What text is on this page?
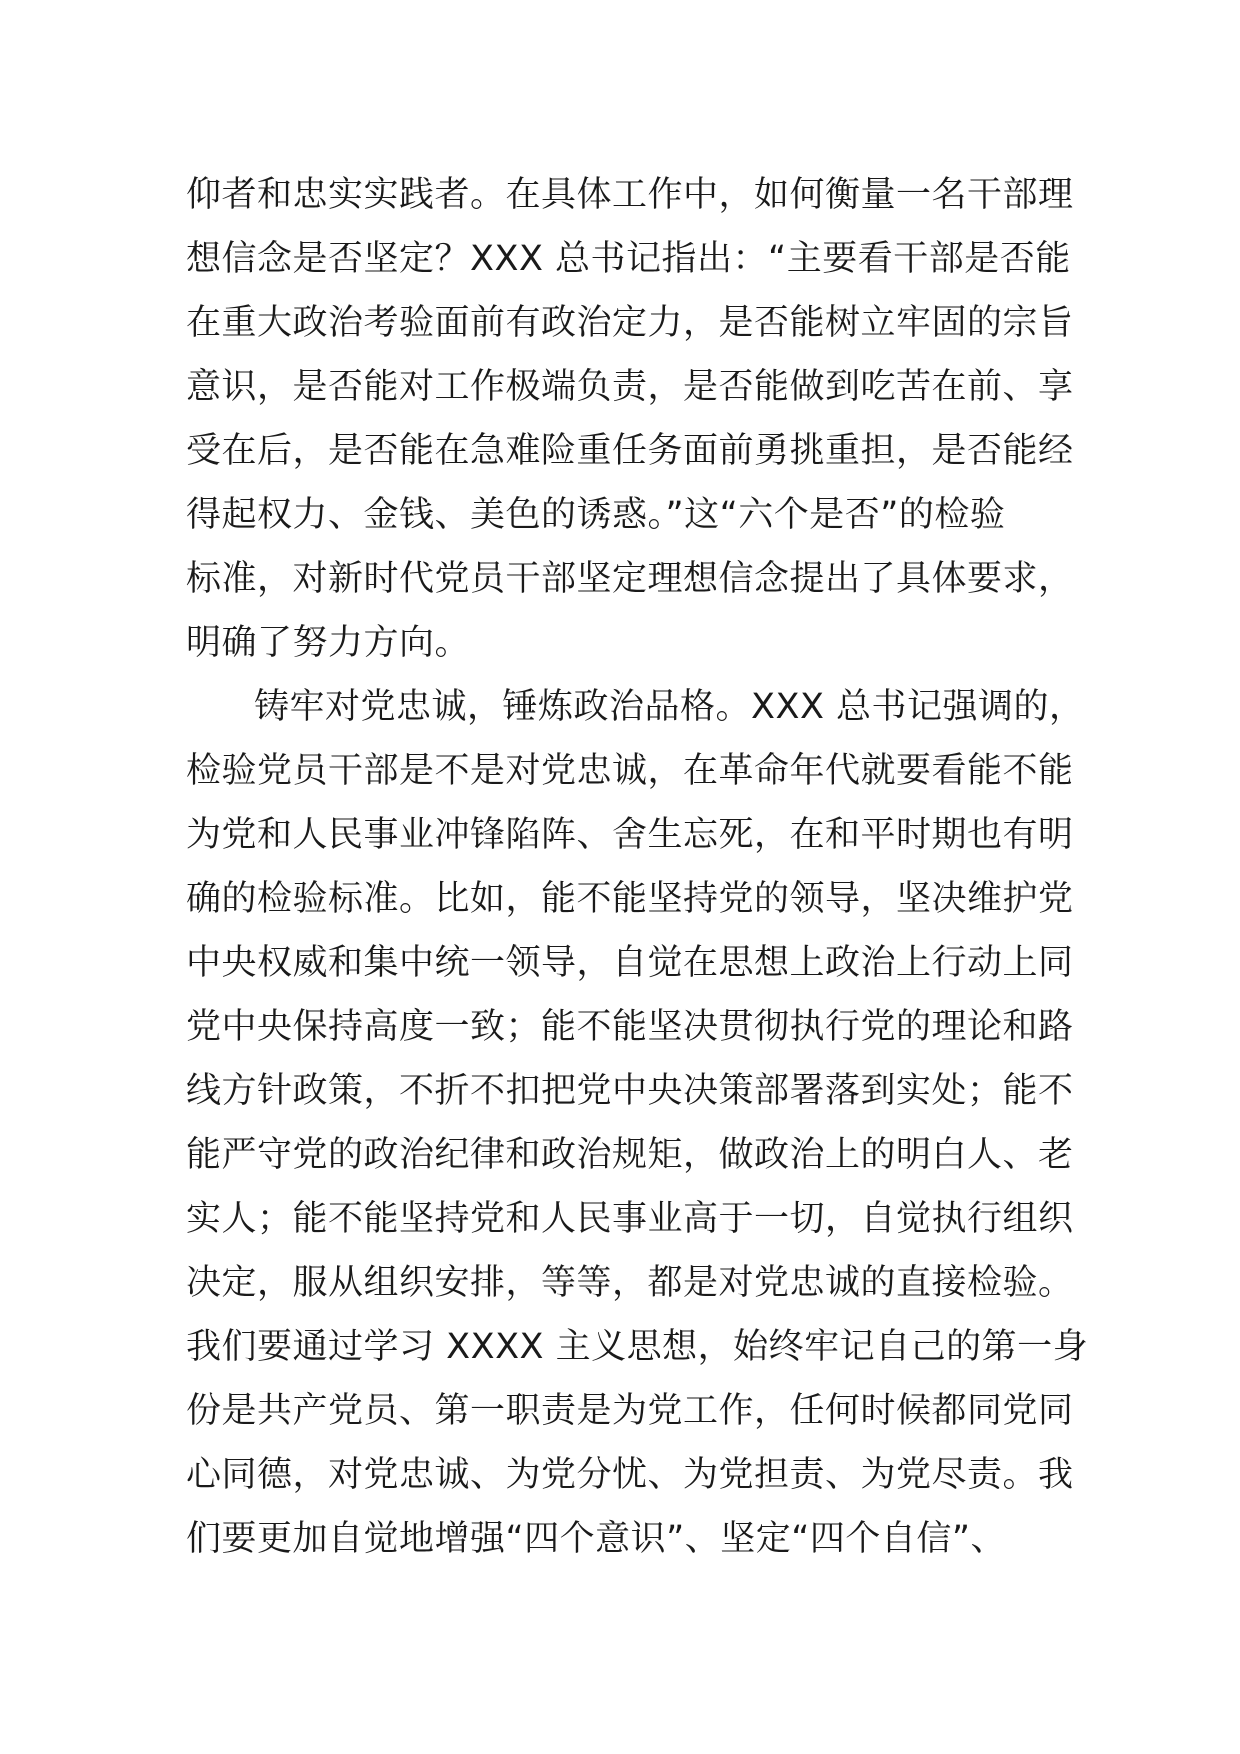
仰者和忠实实践者。在具体工作中，如何衡量一名干部理
想信念是否坚定？XXX 总书记指出：“主要看干部是否能
在重大政治考验面前有政治定力，是否能树立牢固的宗旨
意识，是否能对工作极端负责，是否能做到吃苦在前、享
受在后，是否能在急难险重任务面前勇挑重担，是否能经
得起权力、金钱、美色的诱惑。”这“六个是否”的检验
标准，对新时代党员干部坚定理想信念提出了具体要求，
明确了努力方向。
铸牢对党忠诚，锤炼政治品格。XXX 总书记强调的，
检验党员干部是不是对党忠诚，在革命年代就要看能不能
为党和人民事业冲锋陷阵、舍生忘死，在和平时期也有明
确的检验标准。比如，能不能坚持党的领导，坚决维护党
中央权威和集中统一领导，自觉在思想上政治上行动上同
党中央保持高度一致；能不能坚决贯彻执行党的理论和路
线方针政策，不折不扣把党中央决策部署落到实处；能不
能严守党的政治纪律和政治规矩，做政治上的明白人、老
实人；能不能坚持党和人民事业高于一切，自觉执行组织
决定，服从组织安排，等等，都是对党忠诚的直接检验。
我们要通过学习 XXXX 主义思想，始终牢记自己的第一身
份是共产党员、第一职责是为党工作，任何时候都同党同
心同德，对党忠诚、为党分忧、为党担责、为党尽责。我
们要更加自觉地增强“四个意识”、坚定“四个自信”、
